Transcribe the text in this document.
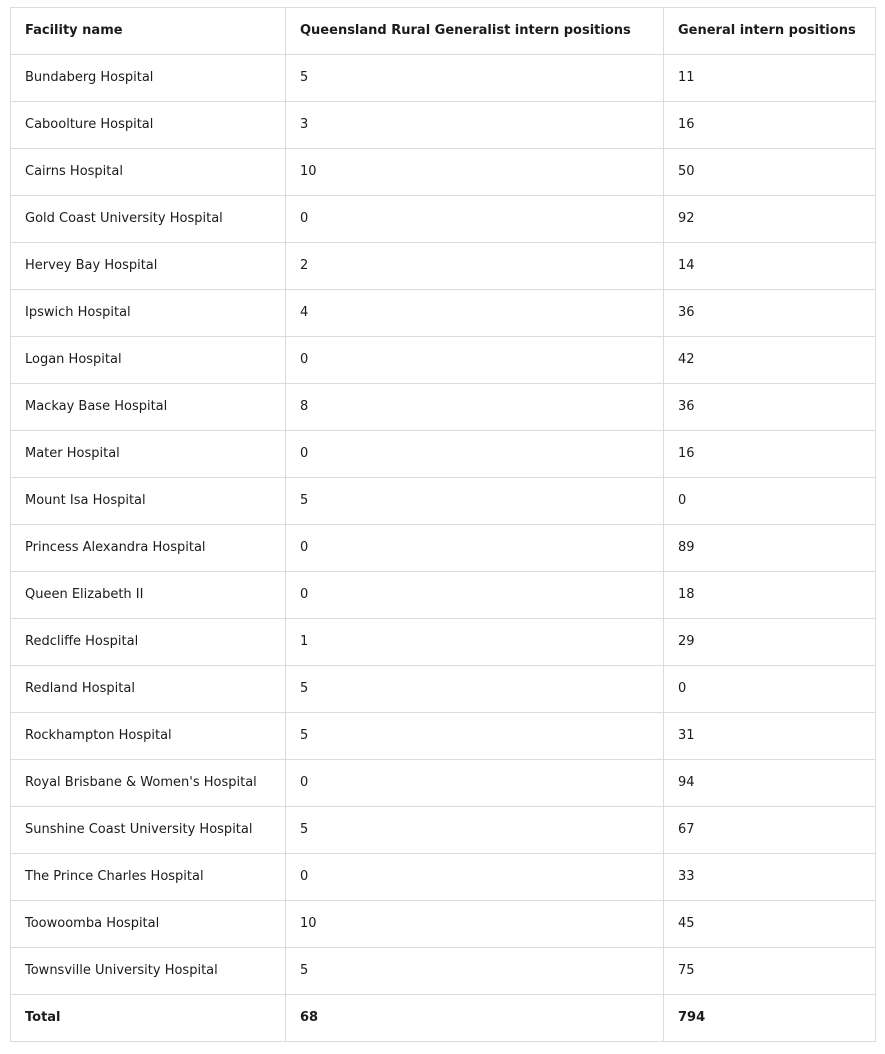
Facility name	Queensland Rural Generalist intern positions	General intern positions
Bundaberg Hospital	5	11
Caboolture Hospital	3	16
Cairns Hospital	10	50
Gold Coast University Hospital	0	92
Hervey Bay Hospital	2	14
Ipswich Hospital	4	36
Logan Hospital	0	42
Mackay Base Hospital	8	36
Mater Hospital	0	16
Mount Isa Hospital	5	0
Princess Alexandra Hospital	0	89
Queen Elizabeth II	0	18
Redcliffe Hospital	1	29
Redland Hospital	5	0
Rockhampton Hospital	5	31
Royal Brisbane & Women's Hospital	0	94
Sunshine Coast University Hospital	5	67
The Prince Charles Hospital	0	33
Toowoomba Hospital	10	45
Townsville University Hospital	5	75
Total	68	794
